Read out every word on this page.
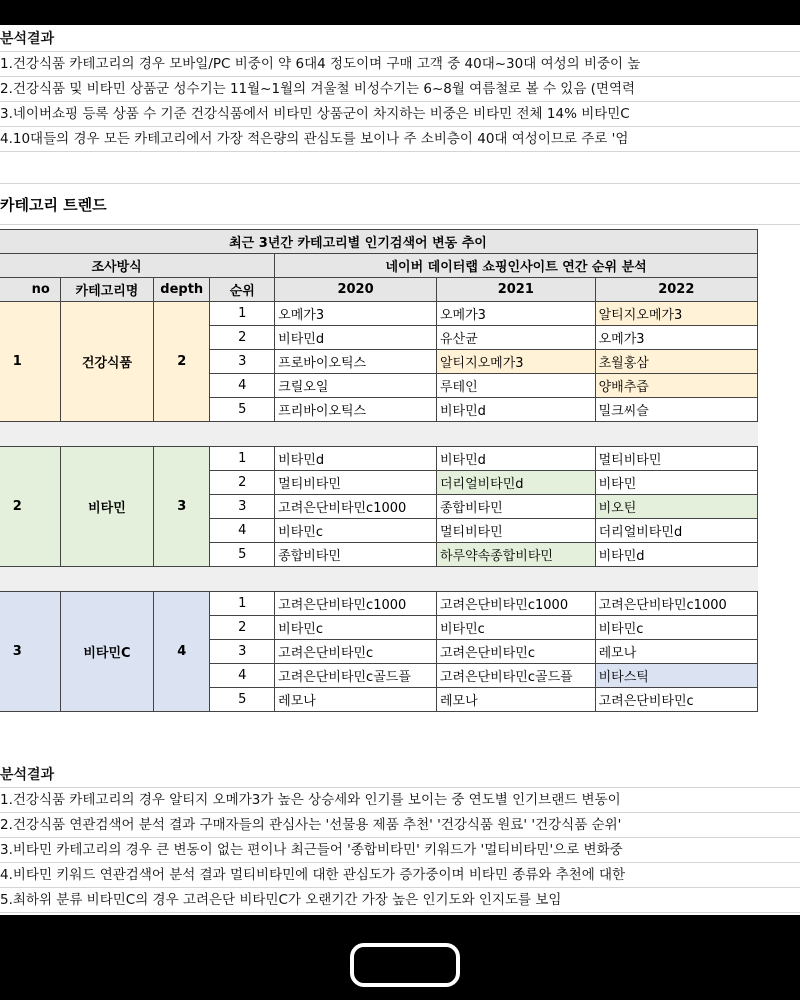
분석결과
1.건강식품 카테고리의 경우 모바일/PC 비중이 약 6대4 정도이며 구매 고객 중 40대~30대 여성의 비중이 높
2.건강식품 및 비타민 상품군 성수기는 11월~1월의 겨울철 비성수기는 6~8월 여름철로 볼 수 있음 (면역력
3.네이버쇼핑 등록 상품 수 기준 건강식품에서 비타민 상품군이 차지하는 비중은 비타민 전체 14% 비타민C
4.10대들의 경우 모든 카테고리에서 가장 적은량의 관심도를 보이나 주 소비층이 40대 여성이므로 주로 '엄
카테고리 트렌드
최근 3년간 카테고리별 인기검색어 변동 추이						
조사방식				네이버 데이터랩 쇼핑인사이트 연간 순위 분석		
no	카테고리명	depth	순위	2020	2021	2022
1	건강식품	2	1	오메가3	오메가3	알티지오메가3
			2	비타민d	유산균	오메가3
			3	프로바이오틱스	알티지오메가3	초월홍삼
			4	크릴오일	루테인	양배추즙
			5	프리바이오틱스	비타민d	밀크씨슬

2	비타민	3	1	비타민d	비타민d	멀티비타민
			2	멀티비타민	더리얼비타민d	비타민
			3	고려은단비타민c1000	종합비타민	비오틴
			4	비타민c	멀티비타민	더리얼비타민d
			5	종합비타민	하루약속종합비타민	비타민d

3	비타민C	4	1	고려은단비타민c1000	고려은단비타민c1000	고려은단비타민c1000
			2	비타민c	비타민c	비타민c
			3	고려은단비타민c	고려은단비타민c	레모나
			4	고려은단비타민c골드플	고려은단비타민c골드플	비타스틱
			5	레모나	레모나	고려은단비타민c
분석결과
1.건강식품 카테고리의 경우 알티지 오메가3가 높은 상승세와 인기를 보이는 중 연도별 인기브랜드 변동이
2.건강식품 연관검색어 분석 결과 구매자들의 관심사는 '선물용 제품 추천' '건강식품 원료' '건강식품 순위'
3.비타민 카테고리의 경우 큰 변동이 없는 편이나 최근들어 '종합비타민' 키워드가 '멀티비타민'으로 변화중
4.비타민 키워드 연관검색어 분석 결과 멀티비타민에 대한 관심도가 증가중이며 비타민 종류와 추천에 대한
5.최하위 분류 비타민C의 경우 고려은단 비타민C가 오랜기간 가장 높은 인기도와 인지도를 보임
